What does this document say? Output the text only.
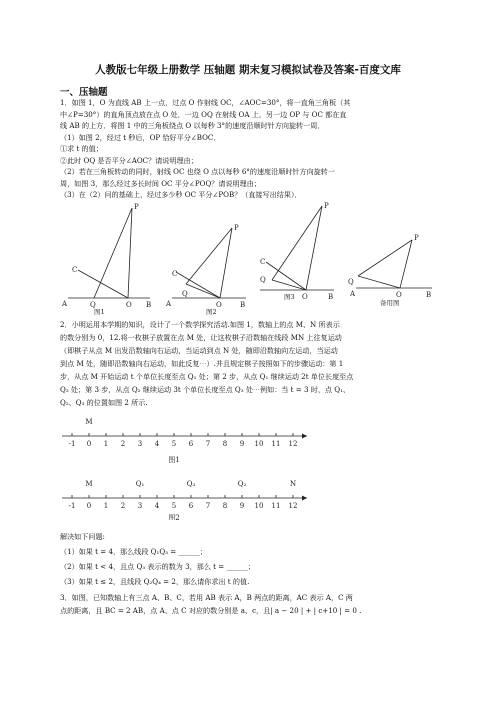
人教版七年级上册数学 压轴题 期末复习模拟试卷及答案-百度文库
一、压轴题
1．如图 1，O 为直线 AB 上一点，过点 O 作射线 OC，∠AOC=30°，将一直角三角板（其
中∠P=30°）的直角顶点放在点 O 处，一边 OQ 在射线 OA 上，另一边 OP 与 OC 都在直
线 AB 的上方．将图 1 中的三角板绕点 O 以每秒 3°的速度沿顺时针方向旋转一周．
（1）如图 2，经过 t 秒后，OP 恰好平分∠BOC．
①求 t 的值；
②此时 OQ 是否平分∠AOC？请说明理由；
（2）若在三角板转动的同时，射线 OC 也绕 O 点以每秒 6°的速度沿顺时针方向旋转一
周，如图 3，那么经过多长时间 OC 平分∠POQ？请说明理由；
（3）在（2）问的基础上，经过多少秒 OC 平分∠POB？（直接写出结果）．
A	Q	O B
C
P
图1
A
Q
O	B
C
P
图2
Q
O	B
C
P
图3
Q
A	O	B
P
备用图
2．小明运用本学期的知识，设计了一个数学探究活动.如图 1，数轴上的点 M、N 所表示
的数分别为 0，12.将一枚棋子放置在点 M 处，让这枚棋子沿数轴在线段 MN 上往复运动
（即棋子从点 M 出发沿数轴向右运动，当运动到点 N 处，随即沿数轴向左运动，当运动
到点 M 处，随即沿数轴向右运动，如此反复⋯）.并且规定棋子按照如下的步骤运动：第 1
步，从点 M 开始运动 t 个单位长度至点 Q₁ 处；第 2 步，从点 Q₁ 继续运动 2t 单位长度至点
Q₂ 处；第 3 步，从点 Q₂ 继续运动 3t 个单位长度至点 Q₃ 处⋯例如：当 t = 3 时，点 Q₁、
Q₂、Q₃ 的位置如图 2 所示.
-1 0 1 2 3 4 5 6 7 8 9 10 11 12
M
图1
-1 0 1 2 3 4 5 6 7 8 9 10 11 12
M	Q₁	Q₃	Q₂	N
图2
解决如下问题:
（1）如果 t = 4，那么线段 Q₁Q₃ = ______；
（2）如果 t < 4，且点 Q₃ 表示的数为 3，那么 t = ______；
（3）如果 t ≤ 2，且线段 Q₂Q₄ = 2，那么请你求出 t 的值.
3．如图，已知数轴上有三点 A、B、C，若用 AB 表示 A，B 两点的距离，AC 表示 A，C 两
点的距离，且 BC = 2 AB，点 A、点 C 对应的数分别是 a、c，且| a − 20 | + | c+10 | = 0 .
